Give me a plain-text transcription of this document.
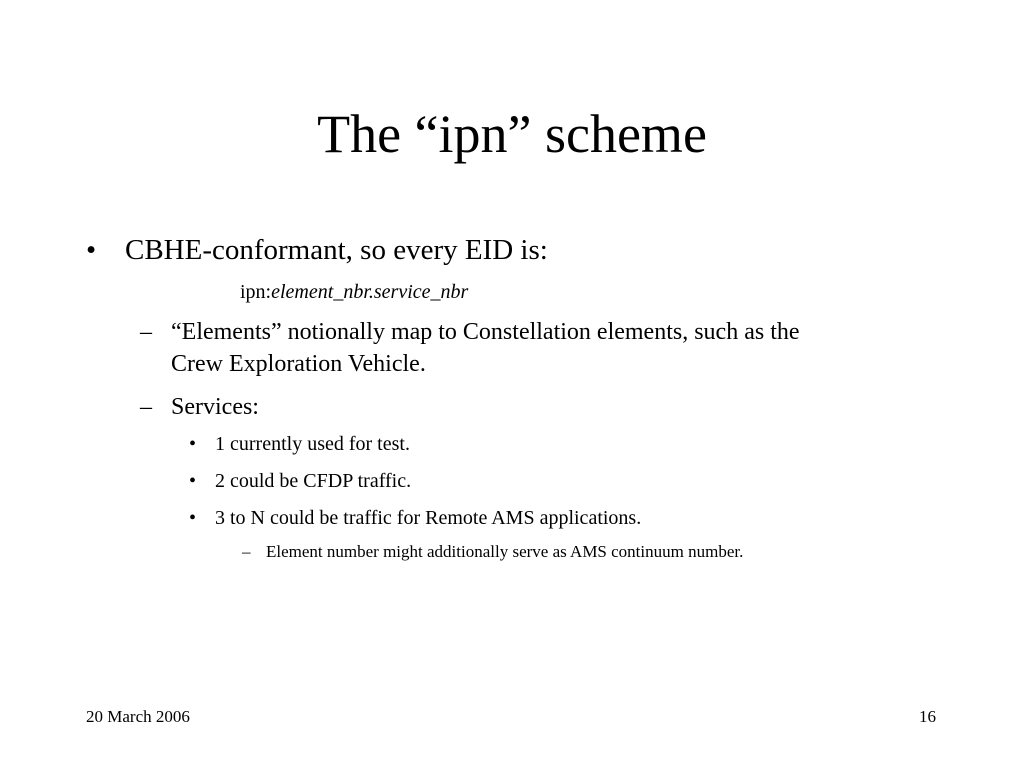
The “ipn” scheme
• CBHE-conformant, so every EID is:
ipn:element_nbr.service_nbr
– “Elements” notionally map to Constellation elements, such as the
Crew Exploration Vehicle.
– Services:
• 1 currently used for test.
• 2 could be CFDP traffic.
• 3 to N could be traffic for Remote AMS applications.
– Element number might additionally serve as AMS continuum number.
20 March 2006	16
